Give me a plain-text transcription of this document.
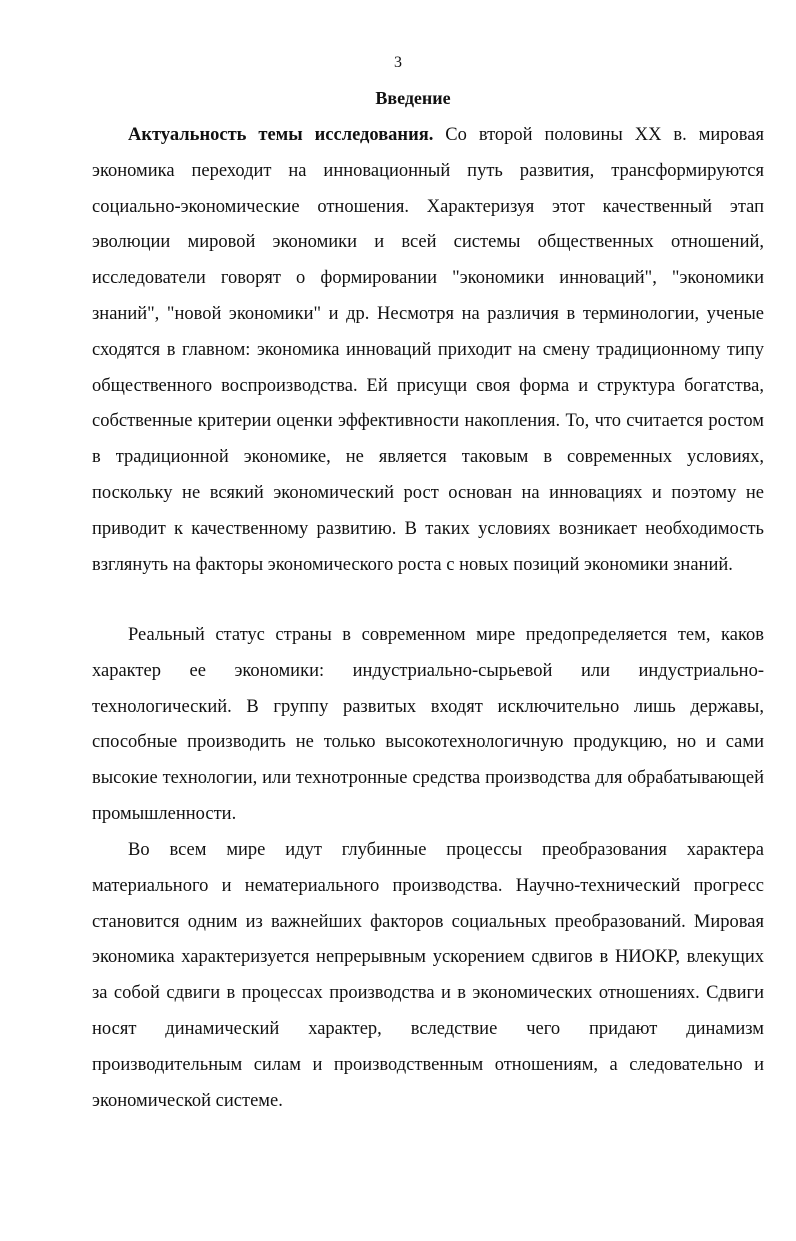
3
Введение

Актуальность темы исследования. Со второй половины XX в. мировая экономика переходит на инновационный путь развития, трансформируются социально-экономические отношения. Характеризуя этот качественный этап эволюции мировой экономики и всей системы общественных отношений, исследователи говорят о формировании "экономики инноваций", "экономики знаний", "новой экономики" и др. Несмотря на различия в терминологии, ученые сходятся в главном: экономика инноваций приходит на смену традиционному типу общественного воспроизводства. Ей присущи своя форма и структура богатства, собственные критерии оценки эффективности накопления. То, что считается ростом в традиционной экономике, не является таковым в современных условиях, поскольку не всякий экономический рост основан на инновациях и поэтому не приводит к качественному развитию. В таких условиях возникает необходимость взглянуть на факторы экономического роста с новых позиций экономики знаний.

Реальный статус страны в современном мире предопределяется тем, каков характер ее экономики: индустриально-сырьевой или индустриально-технологический. В группу развитых входят исключительно лишь державы, способные производить не только высокотехнологичную продукцию, но и сами высокие технологии, или технотронные средства производства для обрабатывающей промышленности.

Во всем мире идут глубинные процессы преобразования характера материального и нематериального производства. Научно-технический прогресс становится одним из важнейших факторов социальных преобразований. Мировая экономика характеризуется непрерывным ускорением сдвигов в НИОКР, влекущих за собой сдвиги в процессах производства и в экономических отношениях. Сдвиги носят динамический характер, вследствие чего придают динамизм производительным силам и производственным отношениям, а следовательно и экономической системе.
